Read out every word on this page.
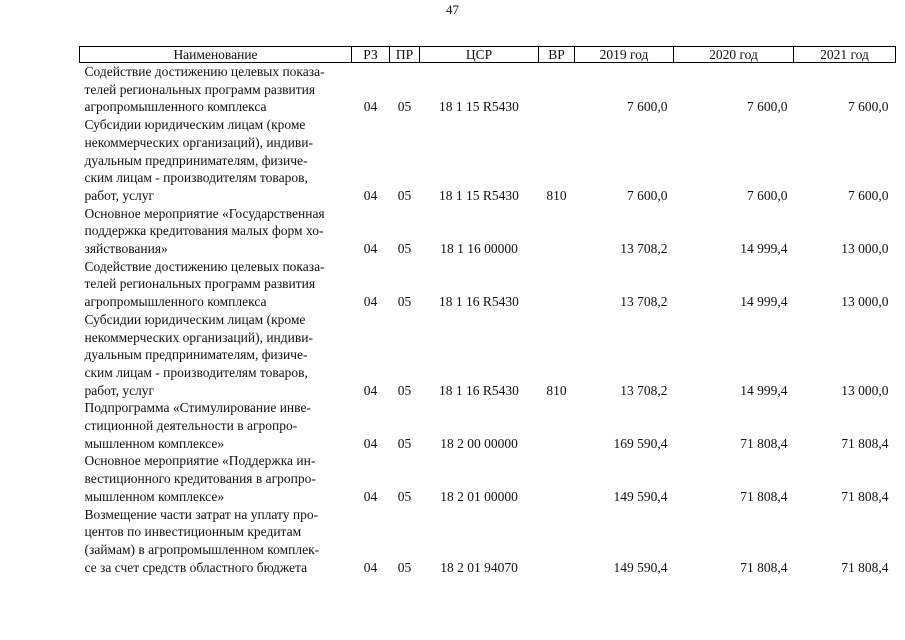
47
Наименование	РЗ	ПР	ЦСР	ВР	2019 год	2020 год	2021 год

Содействие достижению целевых показа-
телей региональных программ развития
агропромышленного комплекса	04	05	18 1 15 R5430		7 600,0	7 600,0	7 600,0

Субсидии юридическим лицам (кроме
некоммерческих организаций), индиви-
дуальным предпринимателям, физиче-
ским лицам - производителям товаров,
работ, услуг	04	05	18 1 15 R5430	810	7 600,0	7 600,0	7 600,0

Основное мероприятие «Государственная
поддержка кредитования малых форм хо-
зяйствования»	04	05	18 1 16 00000		13 708,2	14 999,4	13 000,0

Содействие достижению целевых показа-
телей региональных программ развития
агропромышленного комплекса	04	05	18 1 16 R5430		13 708,2	14 999,4	13 000,0

Субсидии юридическим лицам (кроме
некоммерческих организаций), индиви-
дуальным предпринимателям, физиче-
ским лицам - производителям товаров,
работ, услуг	04	05	18 1 16 R5430	810	13 708,2	14 999,4	13 000,0

Подпрограмма «Стимулирование инве-
стиционной деятельности в агропро-
мышленном комплексе»	04	05	18 2 00 00000		169 590,4	71 808,4	71 808,4

Основное мероприятие «Поддержка ин-
вестиционного кредитования в агропро-
мышленном комплексе»	04	05	18 2 01 00000		149 590,4	71 808,4	71 808,4

Возмещение части затрат на уплату про-
центов по инвестиционным кредитам
(займам) в агропромышленном комплек-
се за счет средств областного бюджета	04	05	18 2 01 94070		149 590,4	71 808,4	71 808,4
